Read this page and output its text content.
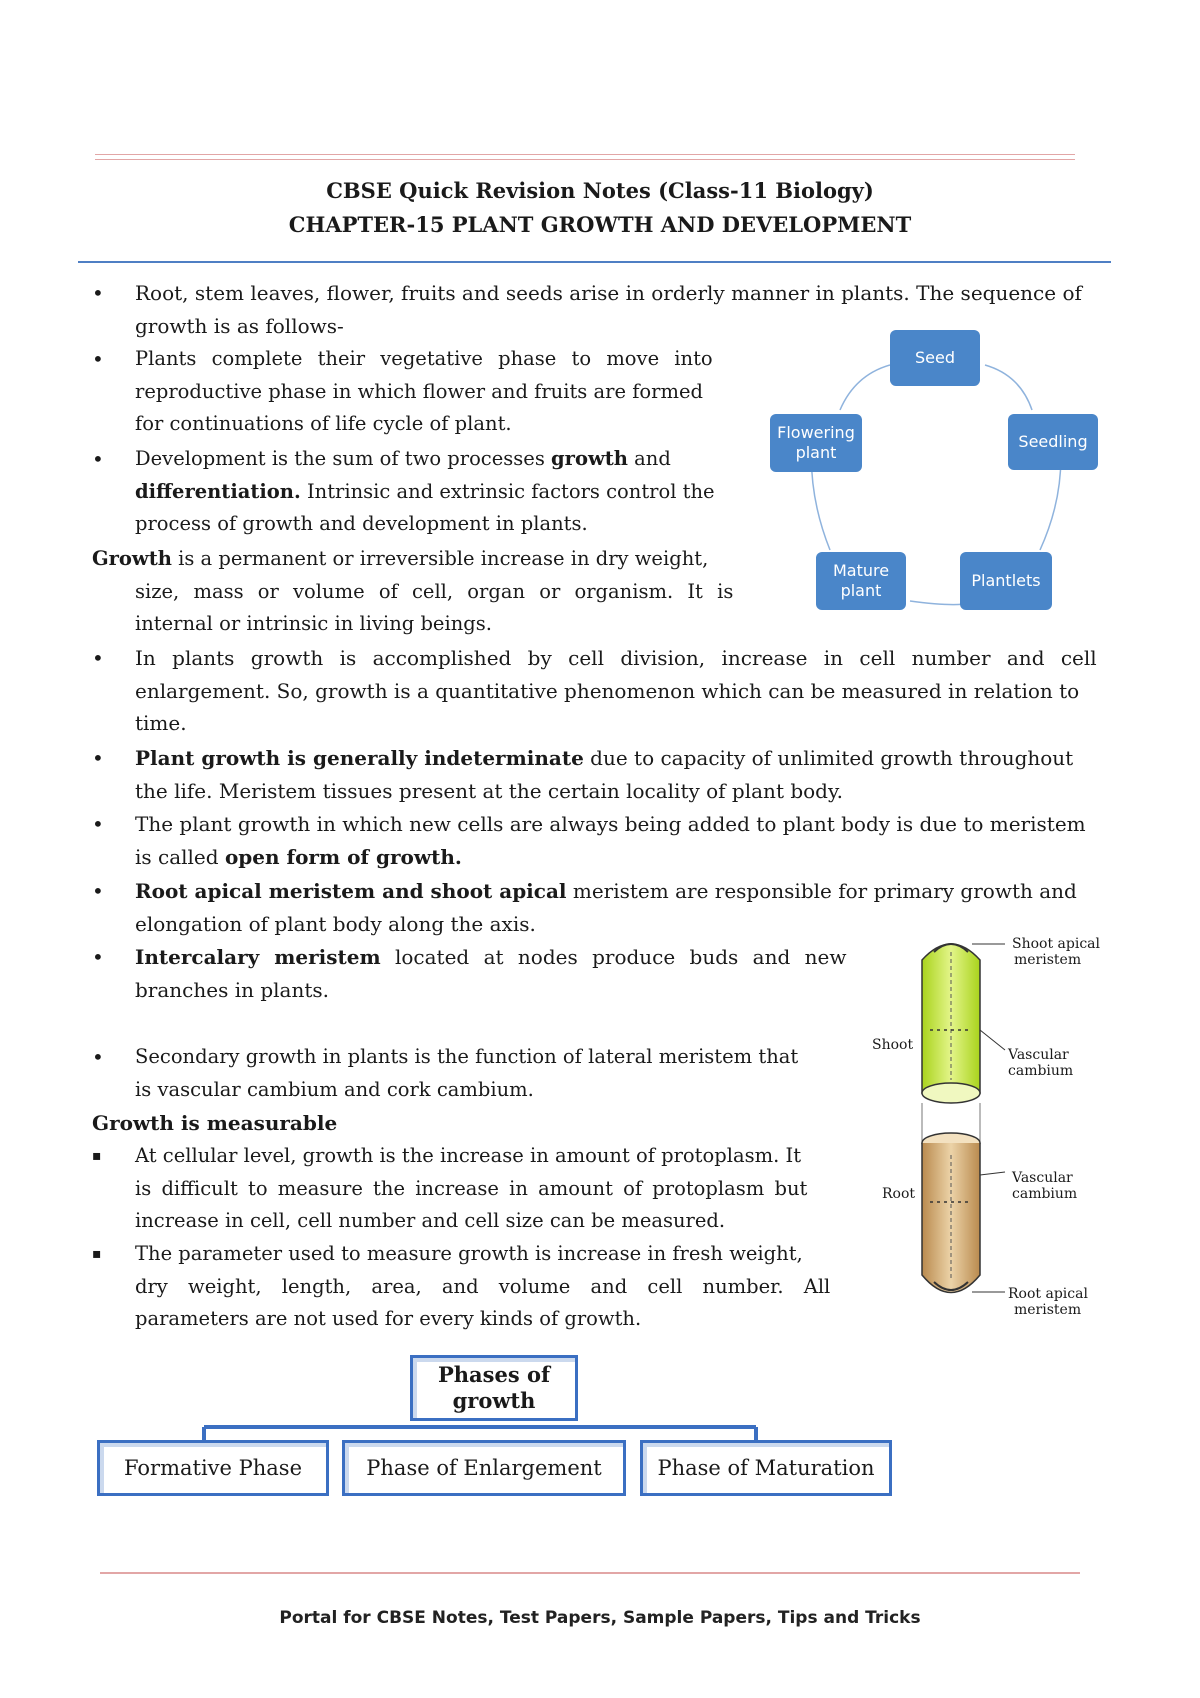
CBSE Quick Revision Notes (Class-11 Biology)
CHAPTER-15 PLANT GROWTH AND DEVELOPMENT
• Root, stem leaves, flower, fruits and seeds arise in orderly manner in plants. The sequence of
growth is as follows-
• Plants complete their vegetative phase to move into
reproductive phase in which flower and fruits are formed
for continuations of life cycle of plant.
• Development is the sum of two processes growth and
differentiation. Intrinsic and extrinsic factors control the
process of growth and development in plants.
Growth is a permanent or irreversible increase in dry weight,
size, mass or volume of cell, organ or organism. It is
internal or intrinsic in living beings.
Seed
Seedling
Plantlets
Mature
plant
Flowering
plant
• In plants growth is accomplished by cell division, increase in cell number and cell
enlargement. So, growth is a quantitative phenomenon which can be measured in relation to
time.
• Plant growth is generally indeterminate due to capacity of unlimited growth throughout
the life. Meristem tissues present at the certain locality of plant body.
• The plant growth in which new cells are always being added to plant body is due to meristem
is called open form of growth.
• Root apical meristem and shoot apical meristem are responsible for primary growth and
elongation of plant body along the axis.
• Intercalary meristem located at nodes produce buds and new
branches in plants.
• Secondary growth in plants is the function of lateral meristem that
is vascular cambium and cork cambium.
Growth is measurable
▪ At cellular level, growth is the increase in amount of protoplasm. It
is difficult to measure the increase in amount of protoplasm but
increase in cell, cell number and cell size can be measured.
▪ The parameter used to measure growth is increase in fresh weight,
dry weight, length, area, and volume and cell number. All
parameters are not used for every kinds of growth.
Shoot apical
meristem
Shoot
Vascular
cambium
Root
Vascular
cambium
Root apical
meristem
Phases of
growth
Formative Phase	Phase of Enlargement	Phase of Maturation
Portal for CBSE Notes, Test Papers, Sample Papers, Tips and Tricks
